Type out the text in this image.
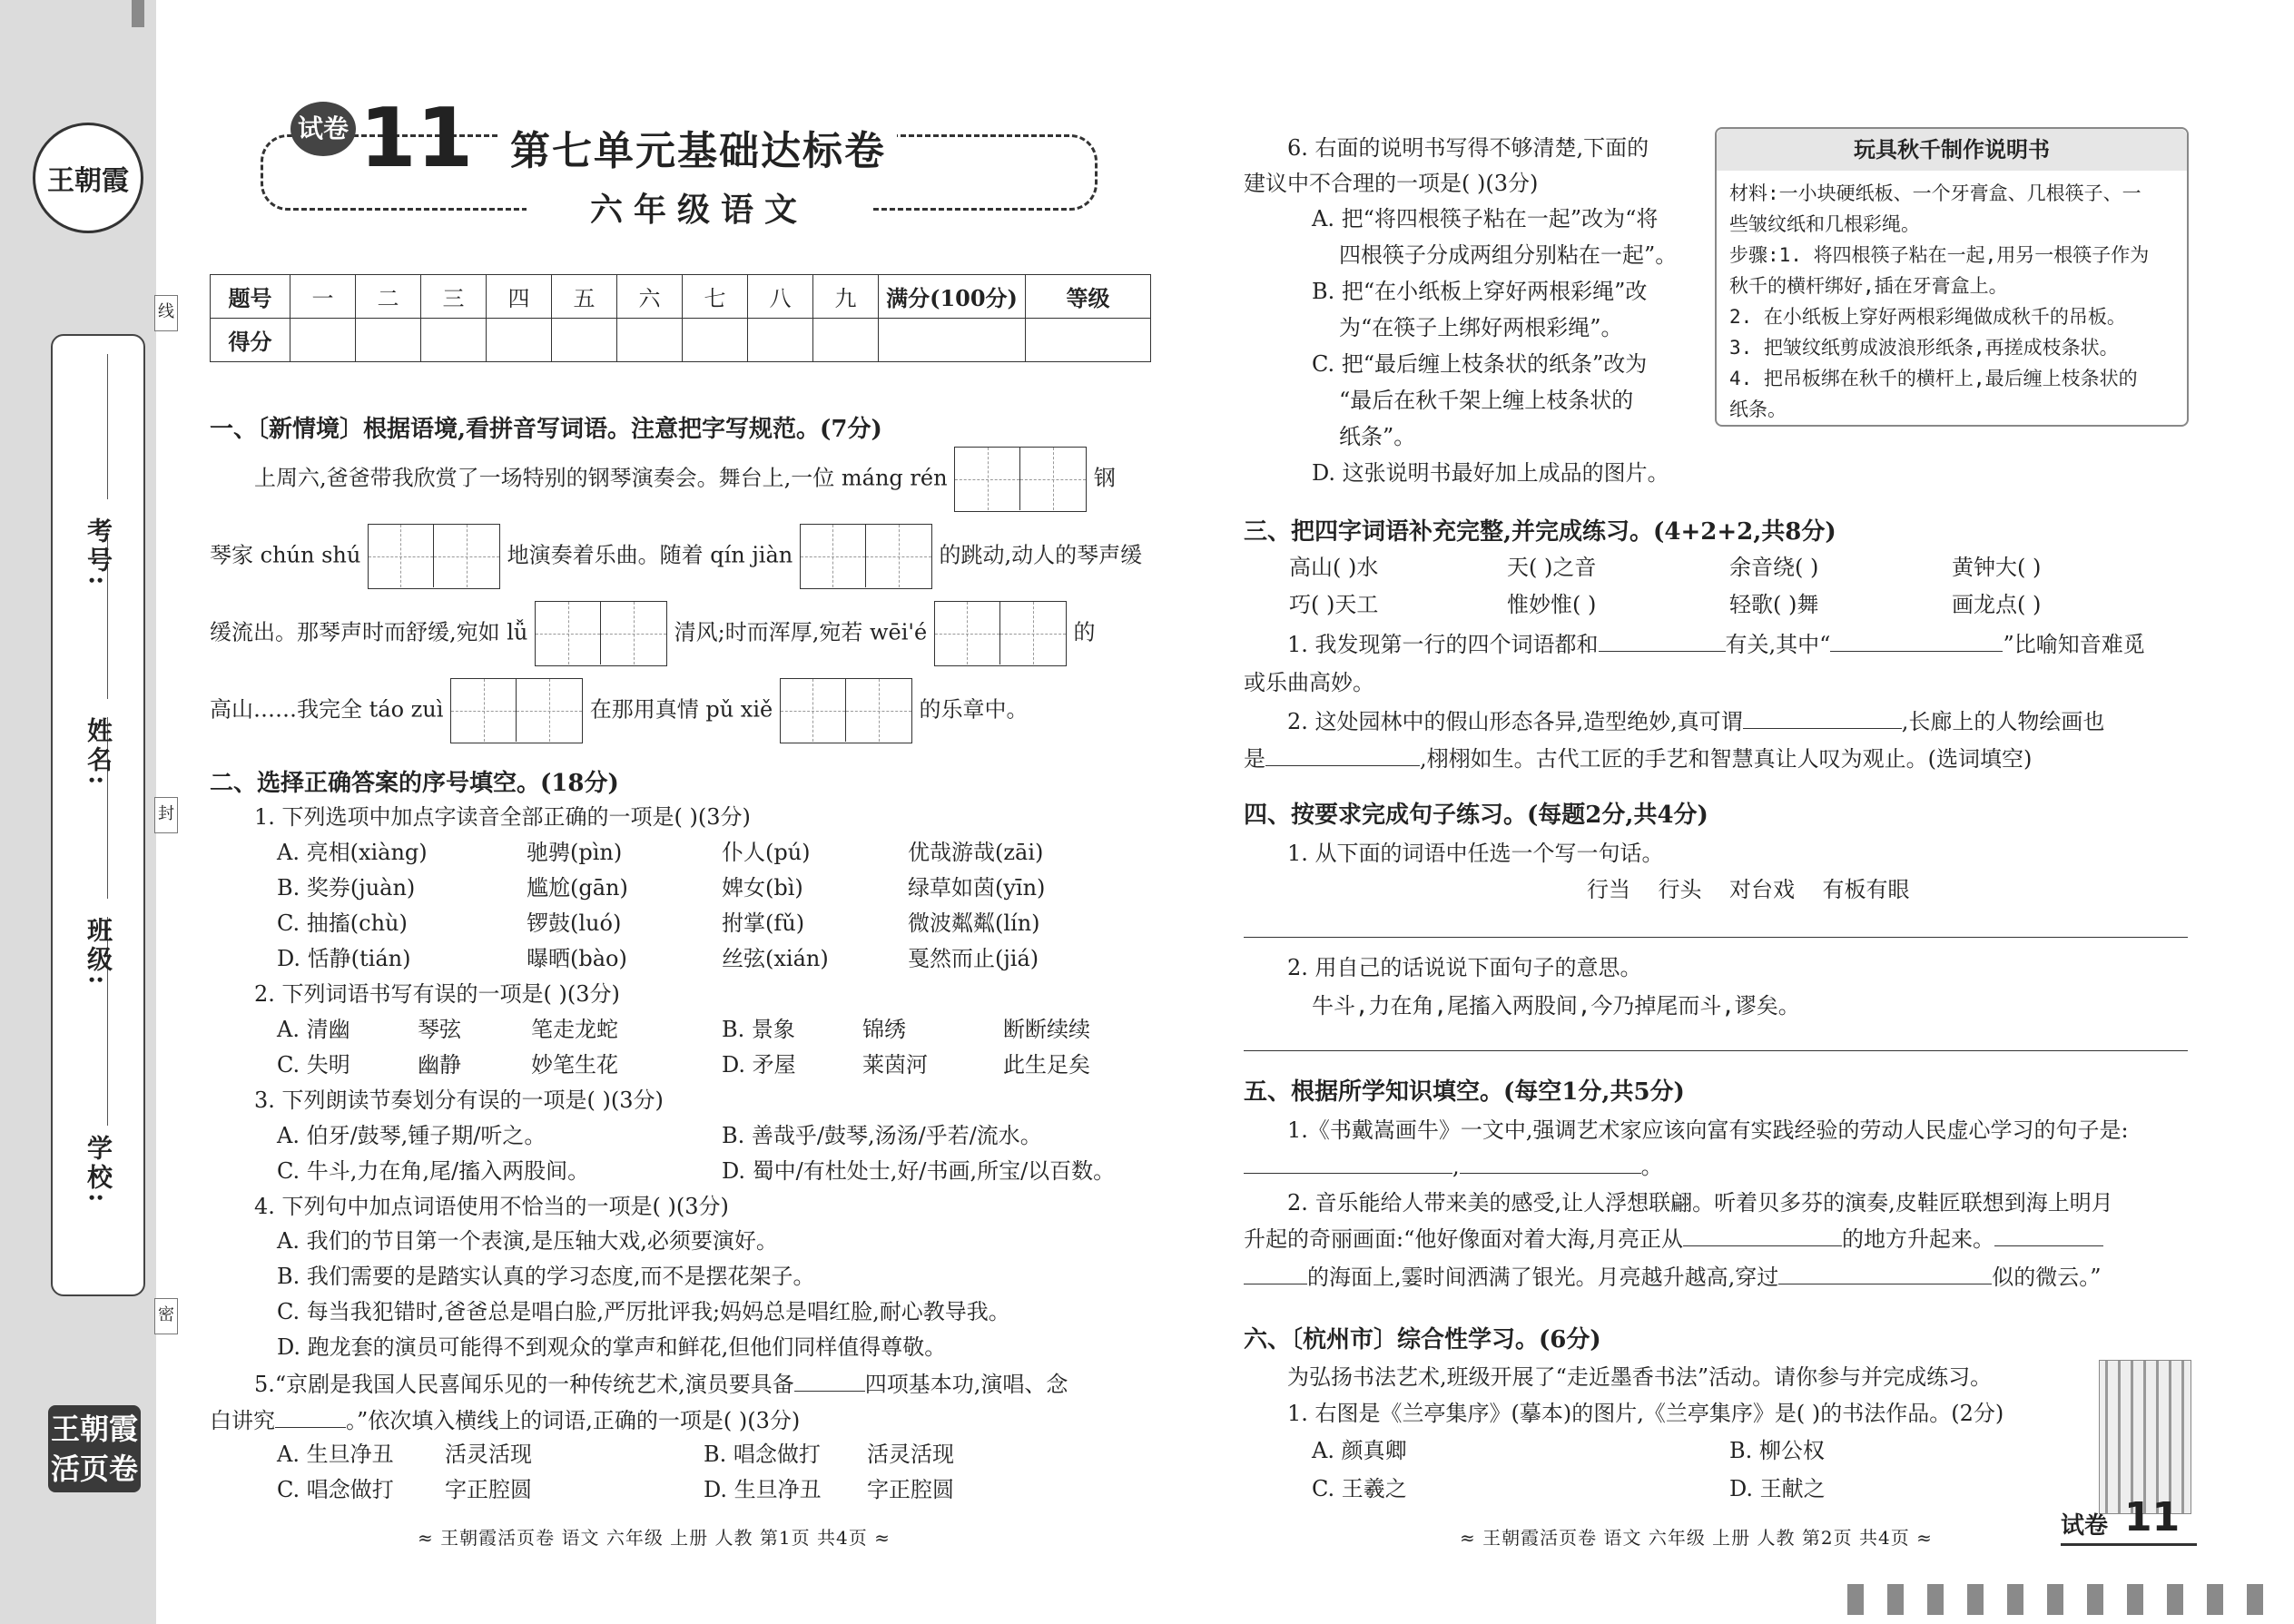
王朝霞
学校:
班级:
姓名:
考号:
线
封
密
王朝霞
活页卷
试卷 11 第七单元基础达标卷
六年级语文
题号	一	二	三	四	五	六	七	八	九	满分(100分)	等级
得分											
一、〔新情境〕根据语境,看拼音写词语。注意把字写规范。(7分)
上周六,爸爸带我欣赏了一场特别的钢琴演奏会。舞台上,一位 máng rén	钢
琴家 chún shú	地演奏着乐曲。随着 qín jiàn	的跳动,动人的琴声缓
缓流出。那琴声时而舒缓,宛如 lǚ	清风;时而浑厚,宛若 wēi'é	的
高山……我完全 táo zuì	在那用真情 pǔ xiě	的乐章中。
二、选择正确答案的序号填空。(18分)
1. 下列选项中加点字读音全部正确的一项是( )(3分)
A. 亮相(xiàng)	驰骋(pìn)	仆人(pú)	优哉游哉(zāi)
B. 奖券(juàn)	尴尬(gān)	婢女(bì)	绿草如茵(yīn)
C. 抽搐(chù)	锣鼓(luó)	拊掌(fǔ)	微波粼粼(lín)
D. 恬静(tián)	曝晒(bào)	丝弦(xián)	戛然而止(jiá)
2. 下列词语书写有误的一项是( )(3分)
A. 清幽	琴弦	笔走龙蛇	B. 景象	锦绣	断断续续
C. 失明	幽静	妙笔生花	D. 矛屋	莱茵河	此生足矣
3. 下列朗读节奏划分有误的一项是( )(3分)
A. 伯牙/鼓琴,锺子期/听之。	B. 善哉乎/鼓琴,汤汤/乎若/流水。
C. 牛斗,力在角,尾/搐入两股间。	D. 蜀中/有杜处士,好/书画,所宝/以百数。
4. 下列句中加点词语使用不恰当的一项是( )(3分)
A. 我们的节目第一个表演,是压轴大戏,必须要演好。
B. 我们需要的是踏实认真的学习态度,而不是摆花架子。
C. 每当我犯错时,爸爸总是唱白脸,严厉批评我;妈妈总是唱红脸,耐心教导我。
D. 跑龙套的演员可能得不到观众的掌声和鲜花,但他们同样值得尊敬。
5.“京剧是我国人民喜闻乐见的一种传统艺术,演员要具备	四项基本功,演唱、念
白讲究	。”依次填入横线上的词语,正确的一项是( )(3分)
A. 生旦净丑	活灵活现	B. 唱念做打	活灵活现
C. 唱念做打	字正腔圆	D. 生旦净丑	字正腔圆
≈ 王朝霞活页卷 语文 六年级 上册 人教 第1页 共4页 ≈
6. 右面的说明书写得不够清楚,下面的
建议中不合理的一项是( )(3分)
A. 把“将四根筷子粘在一起”改为“将
四根筷子分成两组分别粘在一起”。
B. 把“在小纸板上穿好两根彩绳”改
为“在筷子上绑好两根彩绳”。
C. 把“最后缠上枝条状的纸条”改为
“最后在秋千架上缠上枝条状的
纸条”。
D. 这张说明书最好加上成品的图片。
玩具秋千制作说明书
材料:一小块硬纸板、一个牙膏盒、几根筷子、一
些皱纹纸和几根彩绳。
步骤:1. 将四根筷子粘在一起,用另一根筷子作为
秋千的横杆绑好,插在牙膏盒上。
2. 在小纸板上穿好两根彩绳做成秋千的吊板。
3. 把皱纹纸剪成波浪形纸条,再搓成枝条状。
4. 把吊板绑在秋千的横杆上,最后缠上枝条状的
纸条。
三、把四字词语补充完整,并完成练习。(4+2+2,共8分)
高山( )水	天( )之音	余音绕( )	黄钟大( )
巧( )天工	惟妙惟( )	轻歌( )舞	画龙点( )
1. 我发现第一行的四个词语都和	有关,其中“	”比喻知音难觅
或乐曲高妙。
2. 这处园林中的假山形态各异,造型绝妙,真可谓	,长廊上的人物绘画也
是	,栩栩如生。古代工匠的手艺和智慧真让人叹为观止。(选词填空)
四、按要求完成句子练习。(每题2分,共4分)
1. 从下面的词语中任选一个写一句话。
行当    行头    对台戏    有板有眼
2. 用自己的话说说下面句子的意思。
牛斗,力在角,尾搐入两股间,今乃掉尾而斗,谬矣。
五、根据所学知识填空。(每空1分,共5分)
1.《书戴嵩画牛》一文中,强调艺术家应该向富有实践经验的劳动人民虚心学习的句子是:
,	。
2. 音乐能给人带来美的感受,让人浮想联翩。听着贝多芬的演奏,皮鞋匠联想到海上明月
升起的奇丽画面:“他好像面对着大海,月亮正从	的地方升起来。
的海面上,霎时间洒满了银光。月亮越升越高,穿过	似的微云。”
六、〔杭州市〕综合性学习。(6分)
为弘扬书法艺术,班级开展了“走近墨香书法”活动。请你参与并完成练习。
1. 右图是《兰亭集序》(摹本)的图片,《兰亭集序》是( )的书法作品。(2分)
A. 颜真卿	B. 柳公权
C. 王羲之	D. 王献之
≈ 王朝霞活页卷 语文 六年级 上册 人教 第2页 共4页 ≈	试卷 11
